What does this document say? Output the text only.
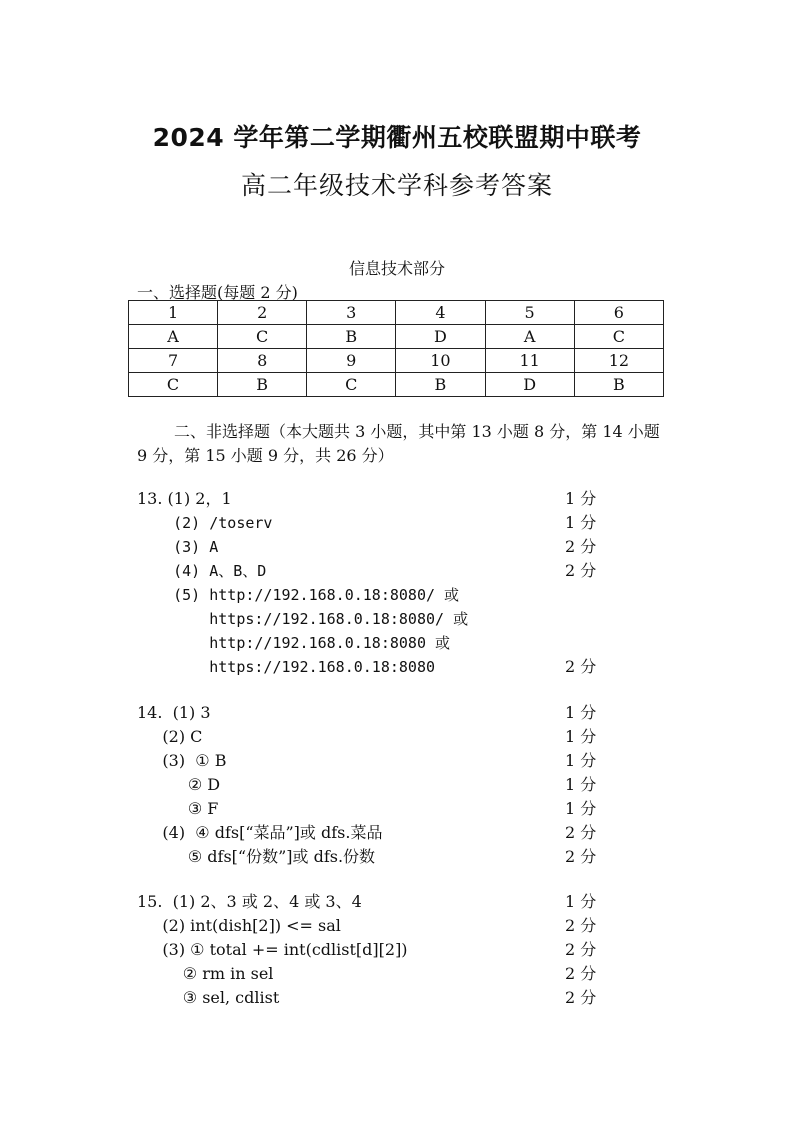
2024 学年第二学期衢州五校联盟期中联考
高二年级技术学科参考答案
信息技术部分
一、选择题(每题 2 分)
1	2	3	4	5	6
A	C	B	D	A	C
7	8	9	10	11	12
C	B	C	B	D	B
二、非选择题（本大题共 3 小题，其中第 13 小题 8 分，第 14 小题 9 分，第 15 小题 9 分，共 26 分）
13. (1) 2，1	1 分
(2) /toserv	1 分
(3) A	2 分
(4) A、B、D	2 分
(5) http://192.168.0.18:8080/ 或
https://192.168.0.18:8080/ 或
http://192.168.0.18:8080 或
https://192.168.0.18:8080	2 分
14.  (1) 3	1 分
(2) C	1 分
(3)  ① B	1 分
② D	1 分
③ F	1 分
(4)  ④ dfs[“菜品”]或 dfs.菜品	2 分
⑤ dfs[“份数”]或 dfs.份数	2 分
15.  (1) 2、3 或 2、4 或 3、4	1 分
(2) int(dish[2]) <= sal	2 分
(3) ① total += int(cdlist[d][2])	2 分
② rm in sel	2 分
③ sel, cdlist	2 分
